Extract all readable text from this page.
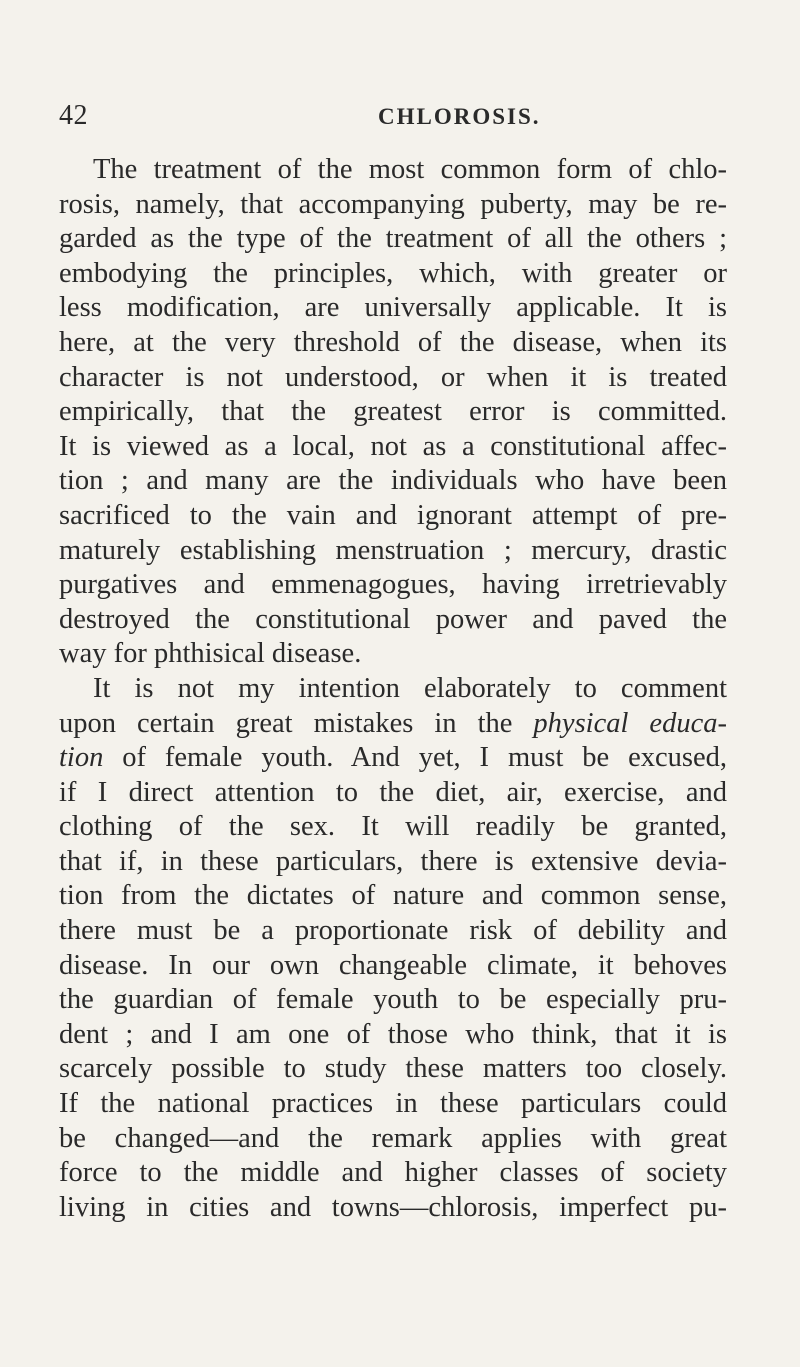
42	CHLOROSIS.
The treatment of the most common form of chlo-
rosis, namely, that accompanying puberty, may be re-
garded as the type of the treatment of all the others ;
embodying the principles, which, with greater or
less modification, are universally applicable. It is
here, at the very threshold of the disease, when its
character is not understood, or when it is treated
empirically, that the greatest error is committed.
It is viewed as a local, not as a constitutional affec-
tion ; and many are the individuals who have been
sacrificed to the vain and ignorant attempt of pre-
maturely establishing menstruation ; mercury, drastic
purgatives and emmenagogues, having irretrievably
destroyed the constitutional power and paved the
way for phthisical disease.
It is not my intention elaborately to comment
upon certain great mistakes in the physical educa-
tion of female youth. And yet, I must be excused,
if I direct attention to the diet, air, exercise, and
clothing of the sex. It will readily be granted,
that if, in these particulars, there is extensive devia-
tion from the dictates of nature and common sense,
there must be a proportionate risk of debility and
disease. In our own changeable climate, it behoves
the guardian of female youth to be especially pru-
dent ; and I am one of those who think, that it is
scarcely possible to study these matters too closely.
If the national practices in these particulars could
be changed—and the remark applies with great
force to the middle and higher classes of society
living in cities and towns—chlorosis, imperfect pu-
